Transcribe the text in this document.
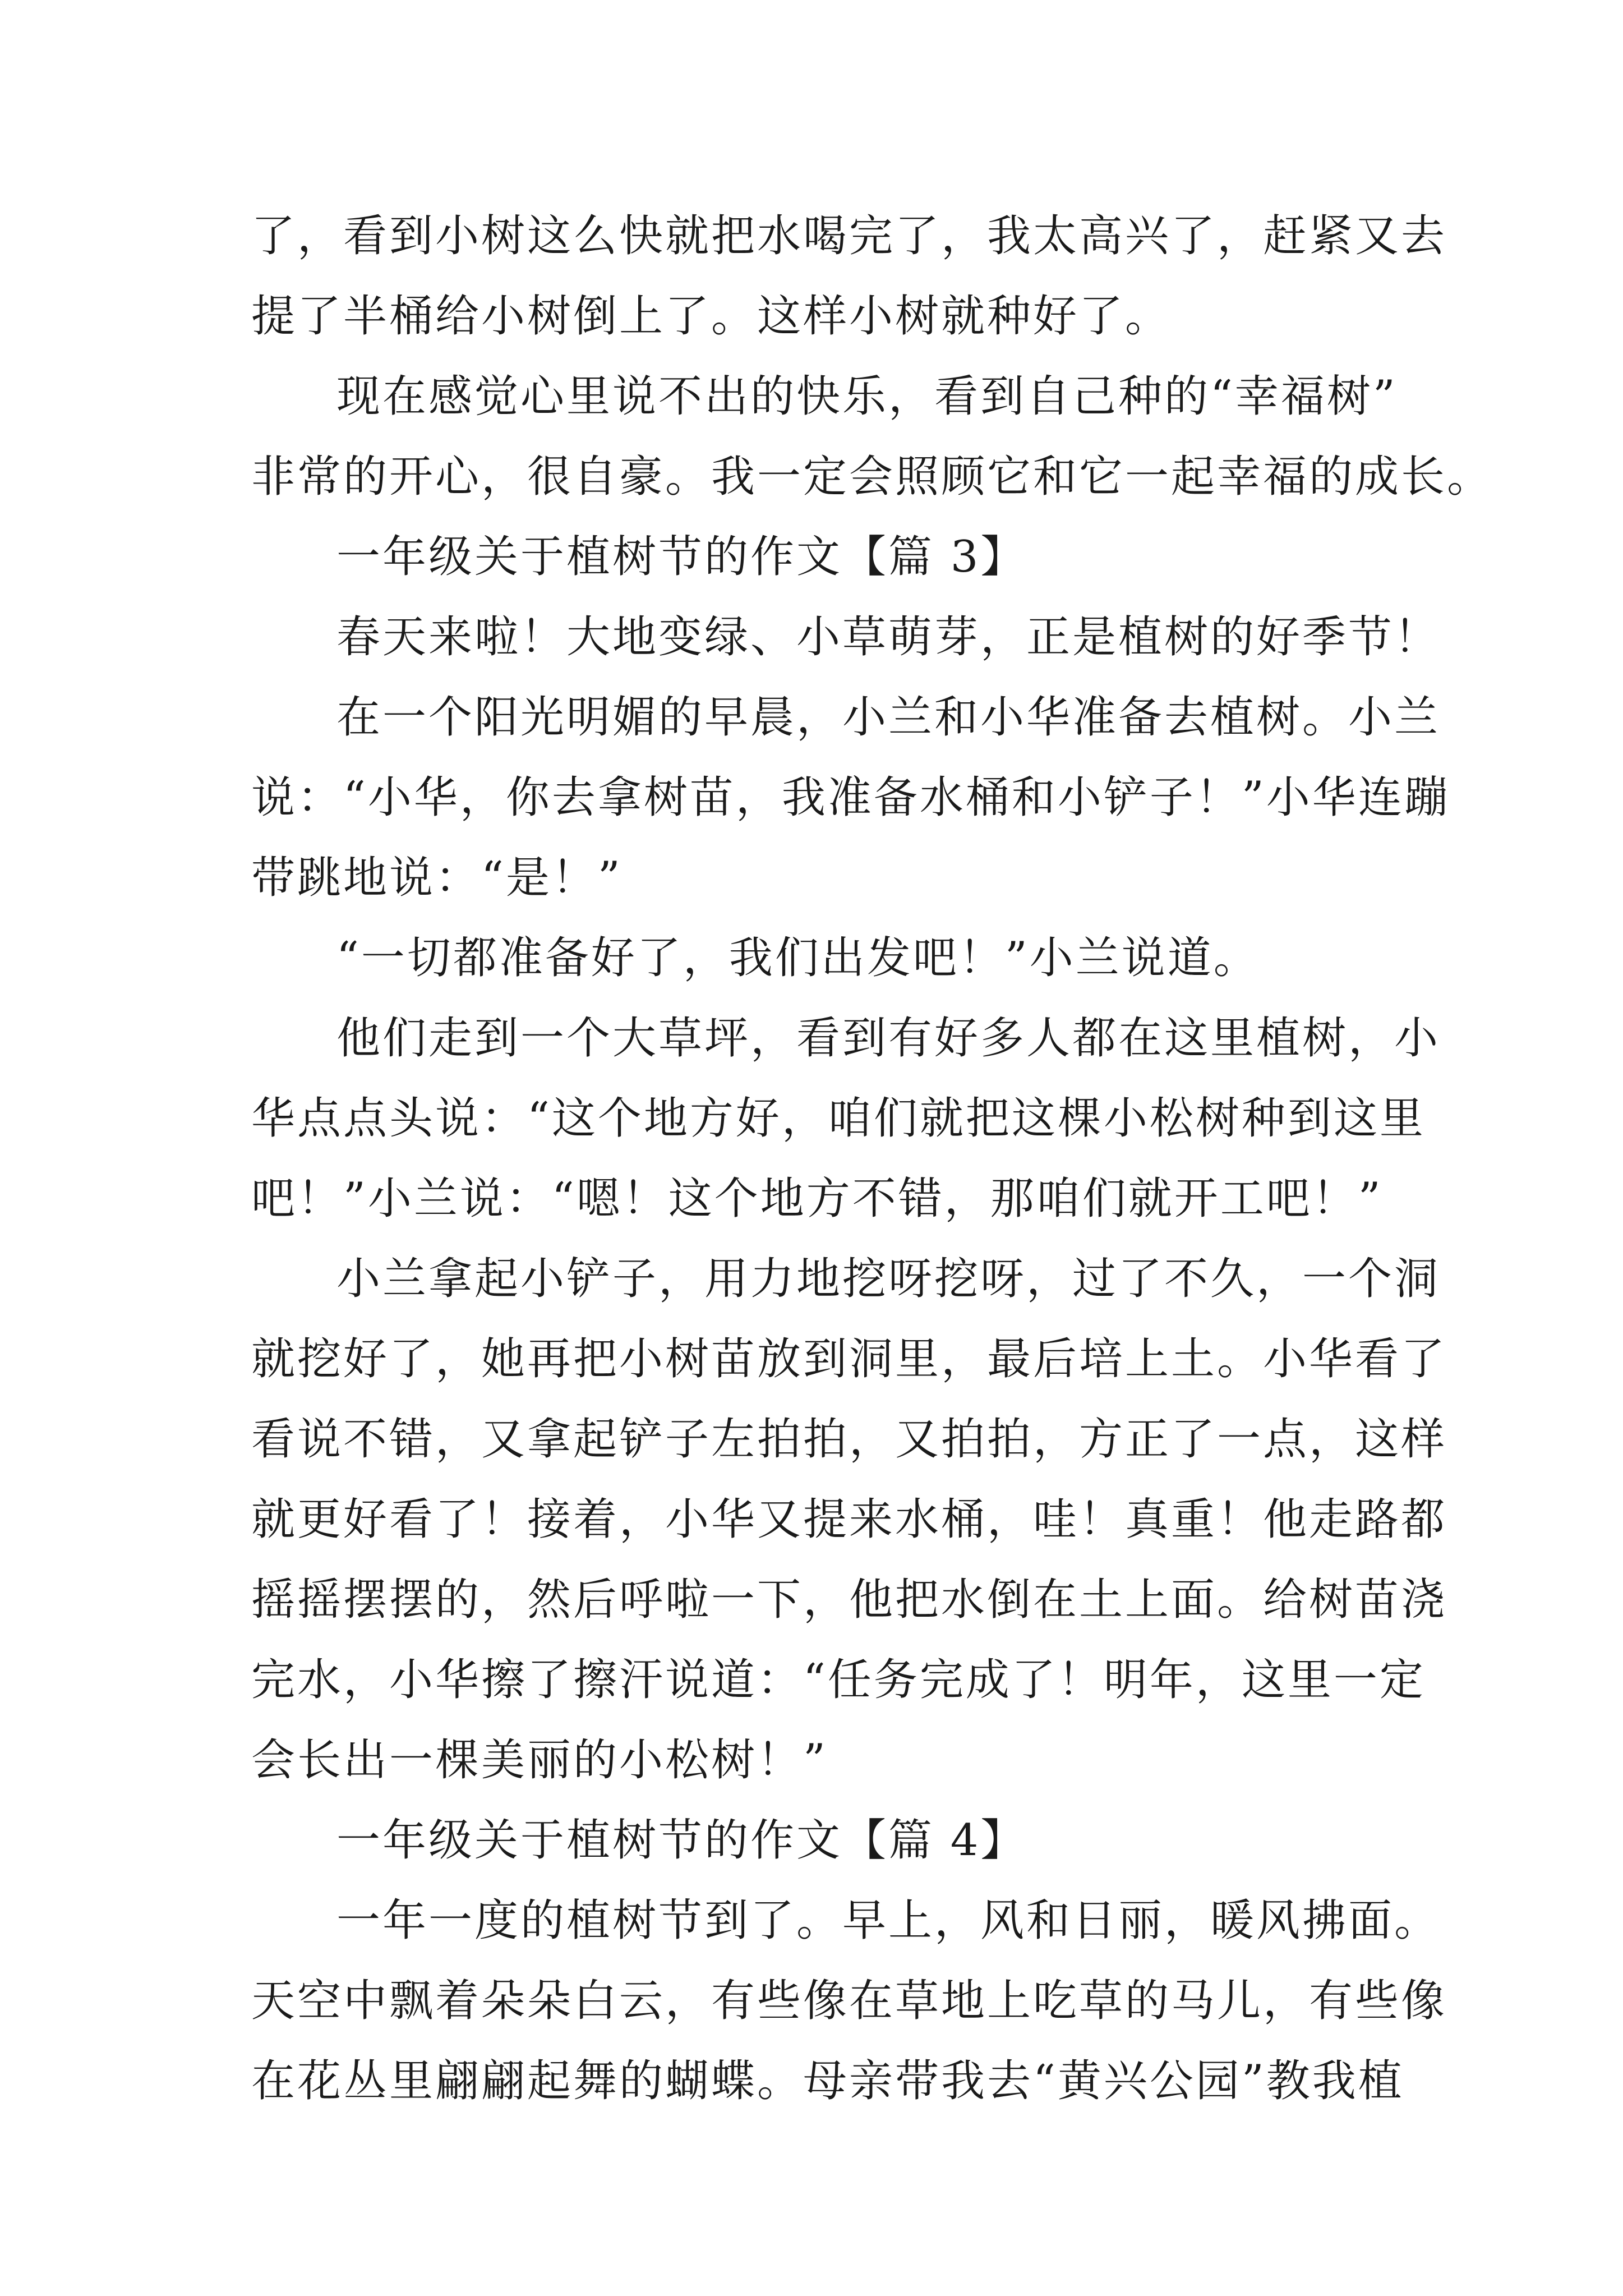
了，看到小树这么快就把水喝完了，我太高兴了，赶紧又去
提了半桶给小树倒上了。这样小树就种好了。
现在感觉心里说不出的快乐，看到自己种的“幸福树”
非常的开心，很自豪。我一定会照顾它和它一起幸福的成长。
一年级关于植树节的作文【篇 3】
春天来啦！大地变绿、小草萌芽，正是植树的好季节！
在一个阳光明媚的早晨，小兰和小华准备去植树。小兰
说：“小华，你去拿树苗，我准备水桶和小铲子！”小华连蹦
带跳地说：“是！”
“一切都准备好了，我们出发吧！”小兰说道。
他们走到一个大草坪，看到有好多人都在这里植树，小
华点点头说：“这个地方好，咱们就把这棵小松树种到这里
吧！”小兰说：“嗯！这个地方不错，那咱们就开工吧！”
小兰拿起小铲子，用力地挖呀挖呀，过了不久，一个洞
就挖好了，她再把小树苗放到洞里，最后培上土。小华看了
看说不错，又拿起铲子左拍拍，又拍拍，方正了一点，这样
就更好看了！接着，小华又提来水桶，哇！真重！他走路都
摇摇摆摆的，然后呼啦一下，他把水倒在土上面。给树苗浇
完水，小华擦了擦汗说道：“任务完成了！明年，这里一定
会长出一棵美丽的小松树！”
一年级关于植树节的作文【篇 4】
一年一度的植树节到了。早上，风和日丽，暖风拂面。
天空中飘着朵朵白云，有些像在草地上吃草的马儿，有些像
在花丛里翩翩起舞的蝴蝶。母亲带我去“黄兴公园”教我植
